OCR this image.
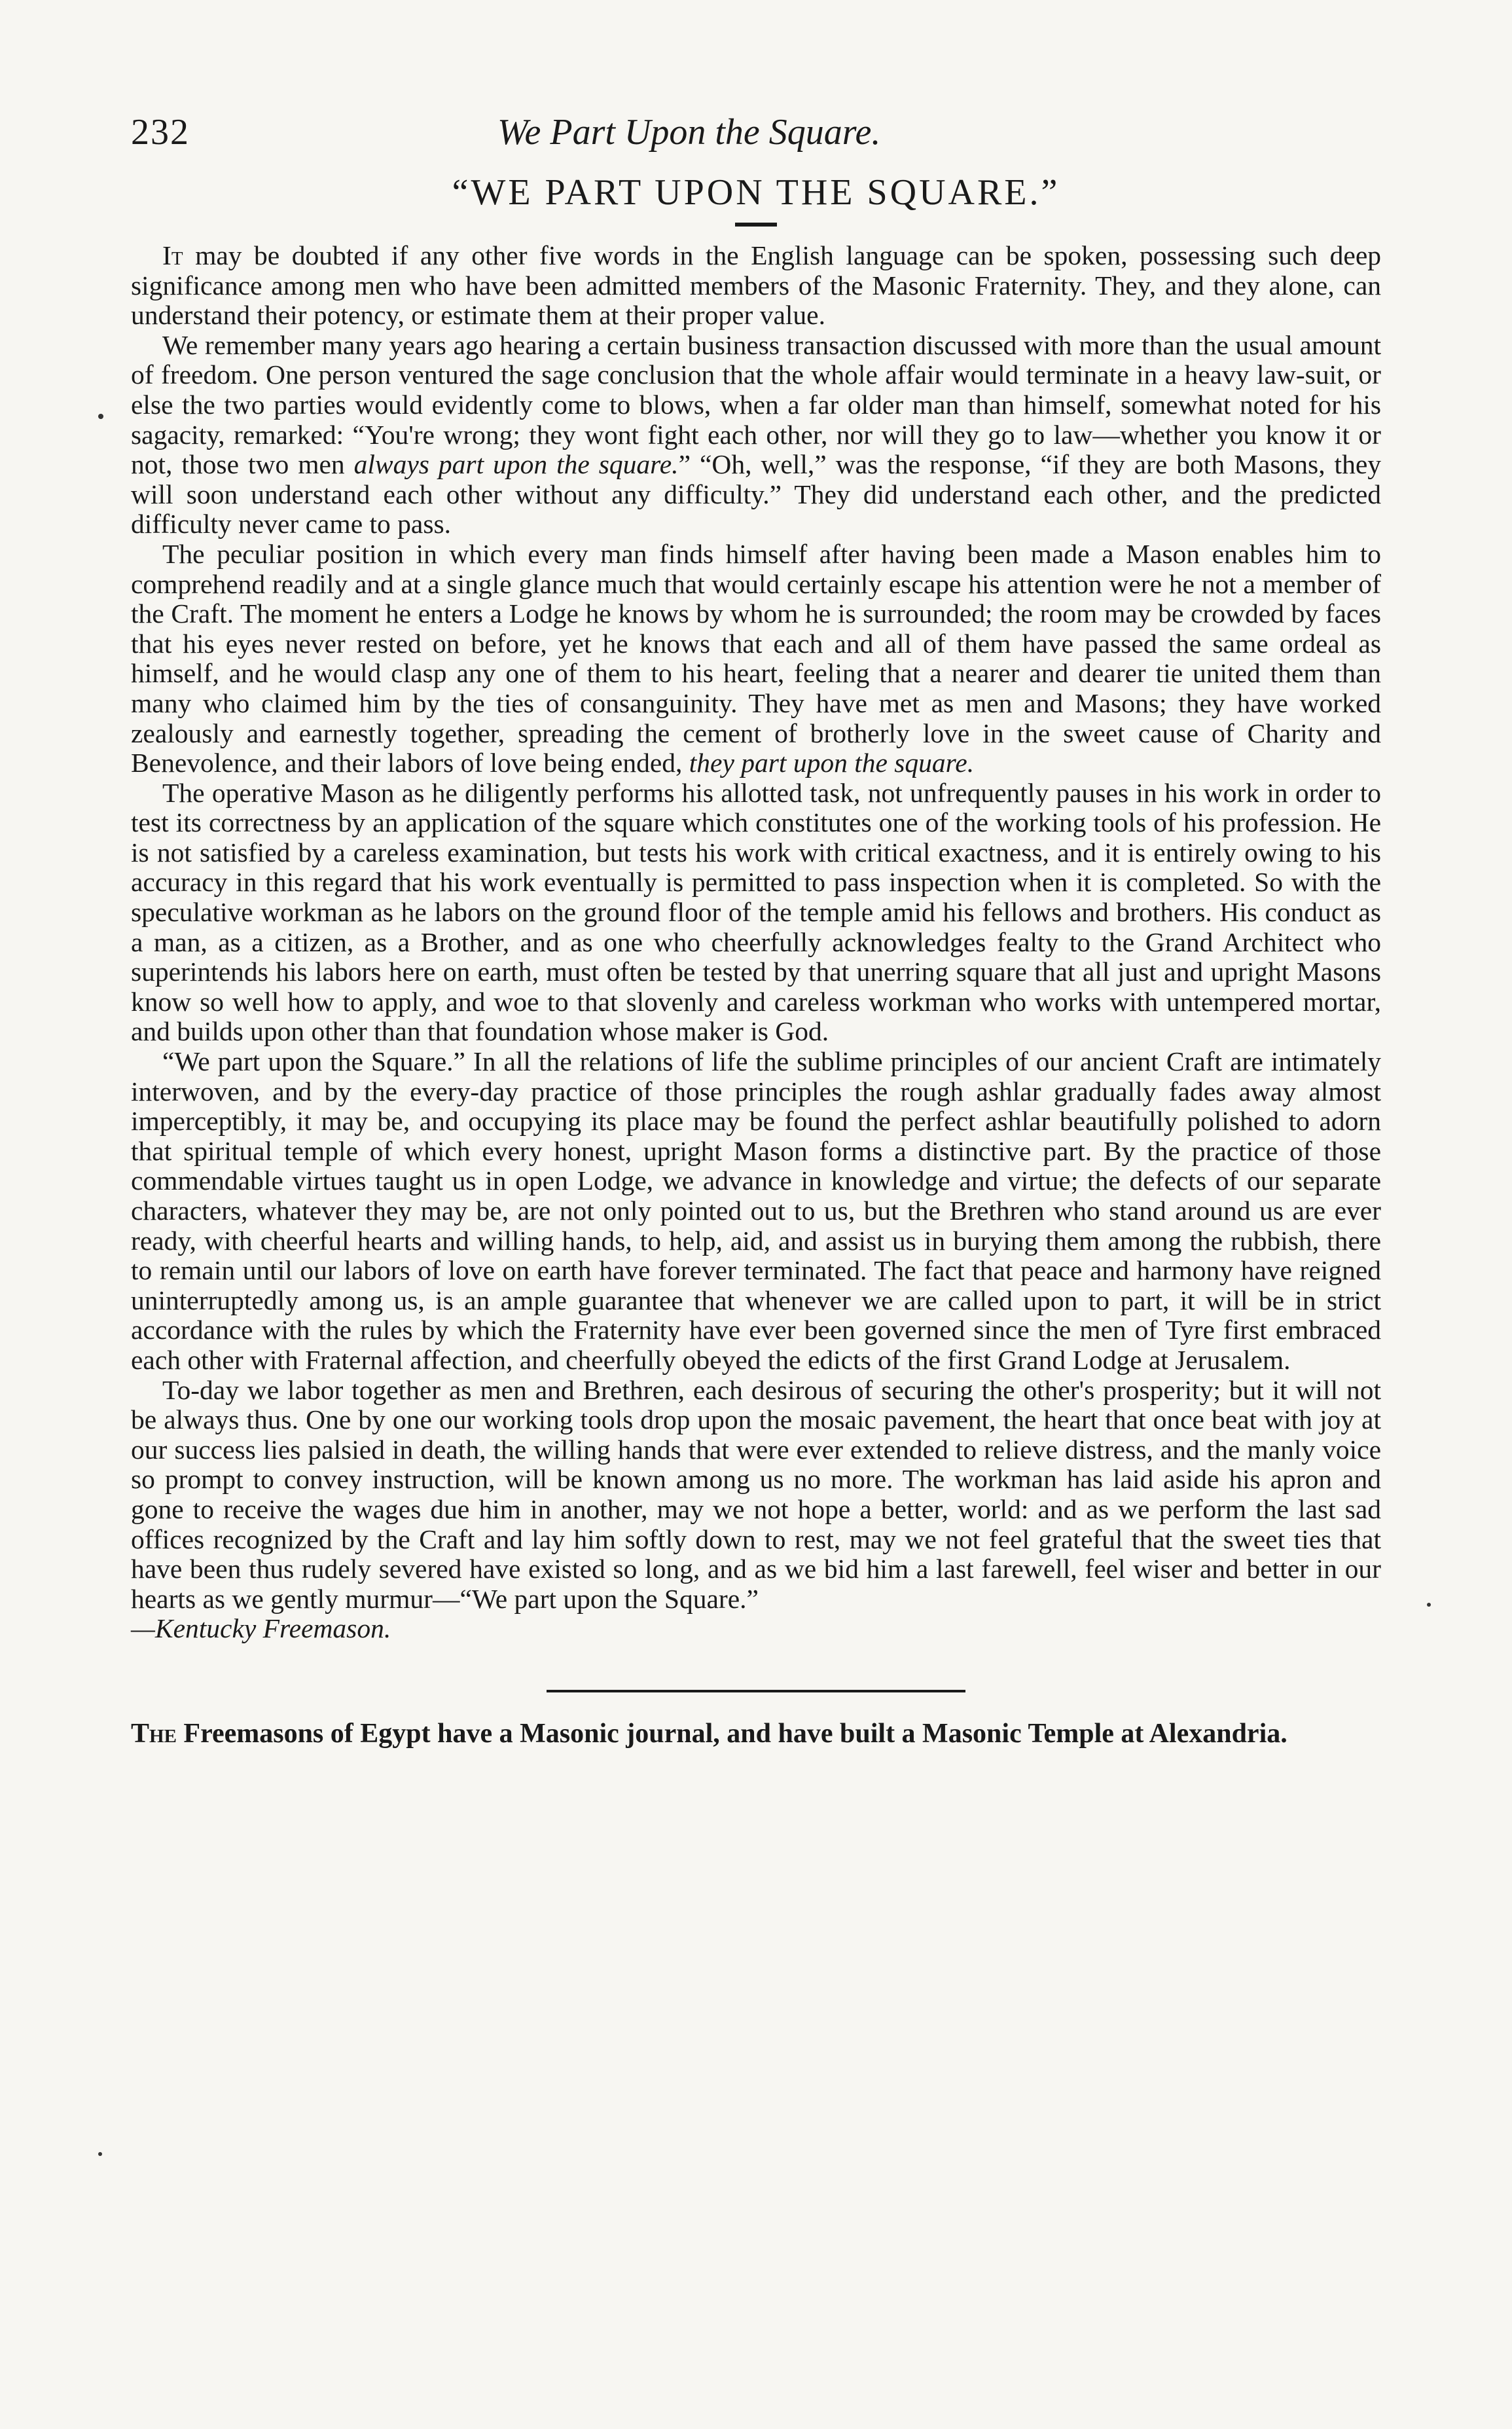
232	We Part Upon the Square.
“WE PART UPON THE SQUARE.”

It may be doubted if any other five words in the English language can be spoken, possessing such deep significance among men who have been admitted members of the Masonic Fraternity. They, and they alone, can understand their potency, or estimate them at their proper value.

We remember many years ago hearing a certain business transaction discussed with more than the usual amount of freedom. One person ventured the sage conclusion that the whole affair would terminate in a heavy law-suit, or else the two parties would evidently come to blows, when a far older man than himself, somewhat noted for his sagacity, remarked: “You're wrong; they wont fight each other, nor will they go to law—whether you know it or not, those two men always part upon the square.” “Oh, well,” was the response, “if they are both Masons, they will soon understand each other without any difficulty.” They did understand each other, and the predicted difficulty never came to pass.

The peculiar position in which every man finds himself after having been made a Mason enables him to comprehend readily and at a single glance much that would certainly escape his attention were he not a member of the Craft. The moment he enters a Lodge he knows by whom he is surrounded; the room may be crowded by faces that his eyes never rested on before, yet he knows that each and all of them have passed the same ordeal as himself, and he would clasp any one of them to his heart, feeling that a nearer and dearer tie united them than many who claimed him by the ties of consanguinity. They have met as men and Masons; they have worked zealously and earnestly together, spreading the cement of brotherly love in the sweet cause of Charity and Benevolence, and their labors of love being ended, they part upon the square.

The operative Mason as he diligently performs his allotted task, not unfrequently pauses in his work in order to test its correctness by an application of the square which constitutes one of the working tools of his profession. He is not satisfied by a careless examination, but tests his work with critical exactness, and it is entirely owing to his accuracy in this regard that his work eventually is permitted to pass inspection when it is completed. So with the speculative workman as he labors on the ground floor of the temple amid his fellows and brothers. His conduct as a man, as a citizen, as a Brother, and as one who cheerfully acknowledges fealty to the Grand Architect who superintends his labors here on earth, must often be tested by that unerring square that all just and upright Masons know so well how to apply, and woe to that slovenly and careless workman who works with untempered mortar, and builds upon other than that foundation whose maker is God.

“We part upon the Square.” In all the relations of life the sublime principles of our ancient Craft are intimately interwoven, and by the every-day practice of those principles the rough ashlar gradually fades away almost imperceptibly, it may be, and occupying its place may be found the perfect ashlar beautifully polished to adorn that spiritual temple of which every honest, upright Mason forms a distinctive part. By the practice of those commendable virtues taught us in open Lodge, we advance in knowledge and virtue; the defects of our separate characters, whatever they may be, are not only pointed out to us, but the Brethren who stand around us are ever ready, with cheerful hearts and willing hands, to help, aid, and assist us in burying them among the rubbish, there to remain until our labors of love on earth have forever terminated. The fact that peace and harmony have reigned uninterruptedly among us, is an ample guarantee that whenever we are called upon to part, it will be in strict accordance with the rules by which the Fraternity have ever been governed since the men of Tyre first embraced each other with Fraternal affection, and cheerfully obeyed the edicts of the first Grand Lodge at Jerusalem.

To-day we labor together as men and Brethren, each desirous of securing the other's prosperity; but it will not be always thus. One by one our working tools drop upon the mosaic pavement, the heart that once beat with joy at our success lies palsied in death, the willing hands that were ever extended to relieve distress, and the manly voice so prompt to convey instruction, will be known among us no more. The workman has laid aside his apron and gone to receive the wages due him in another, may we not hope a better, world: and as we perform the last sad offices recognized by the Craft and lay him softly down to rest, may we not feel grateful that the sweet ties that have been thus rudely severed have existed so long, and as we bid him a last farewell, feel wiser and better in our hearts as we gently murmur—“We part upon the Square.”

—Kentucky Freemason.
The Freemasons of Egypt have a Masonic journal, and have built a Masonic Temple at Alexandria.
